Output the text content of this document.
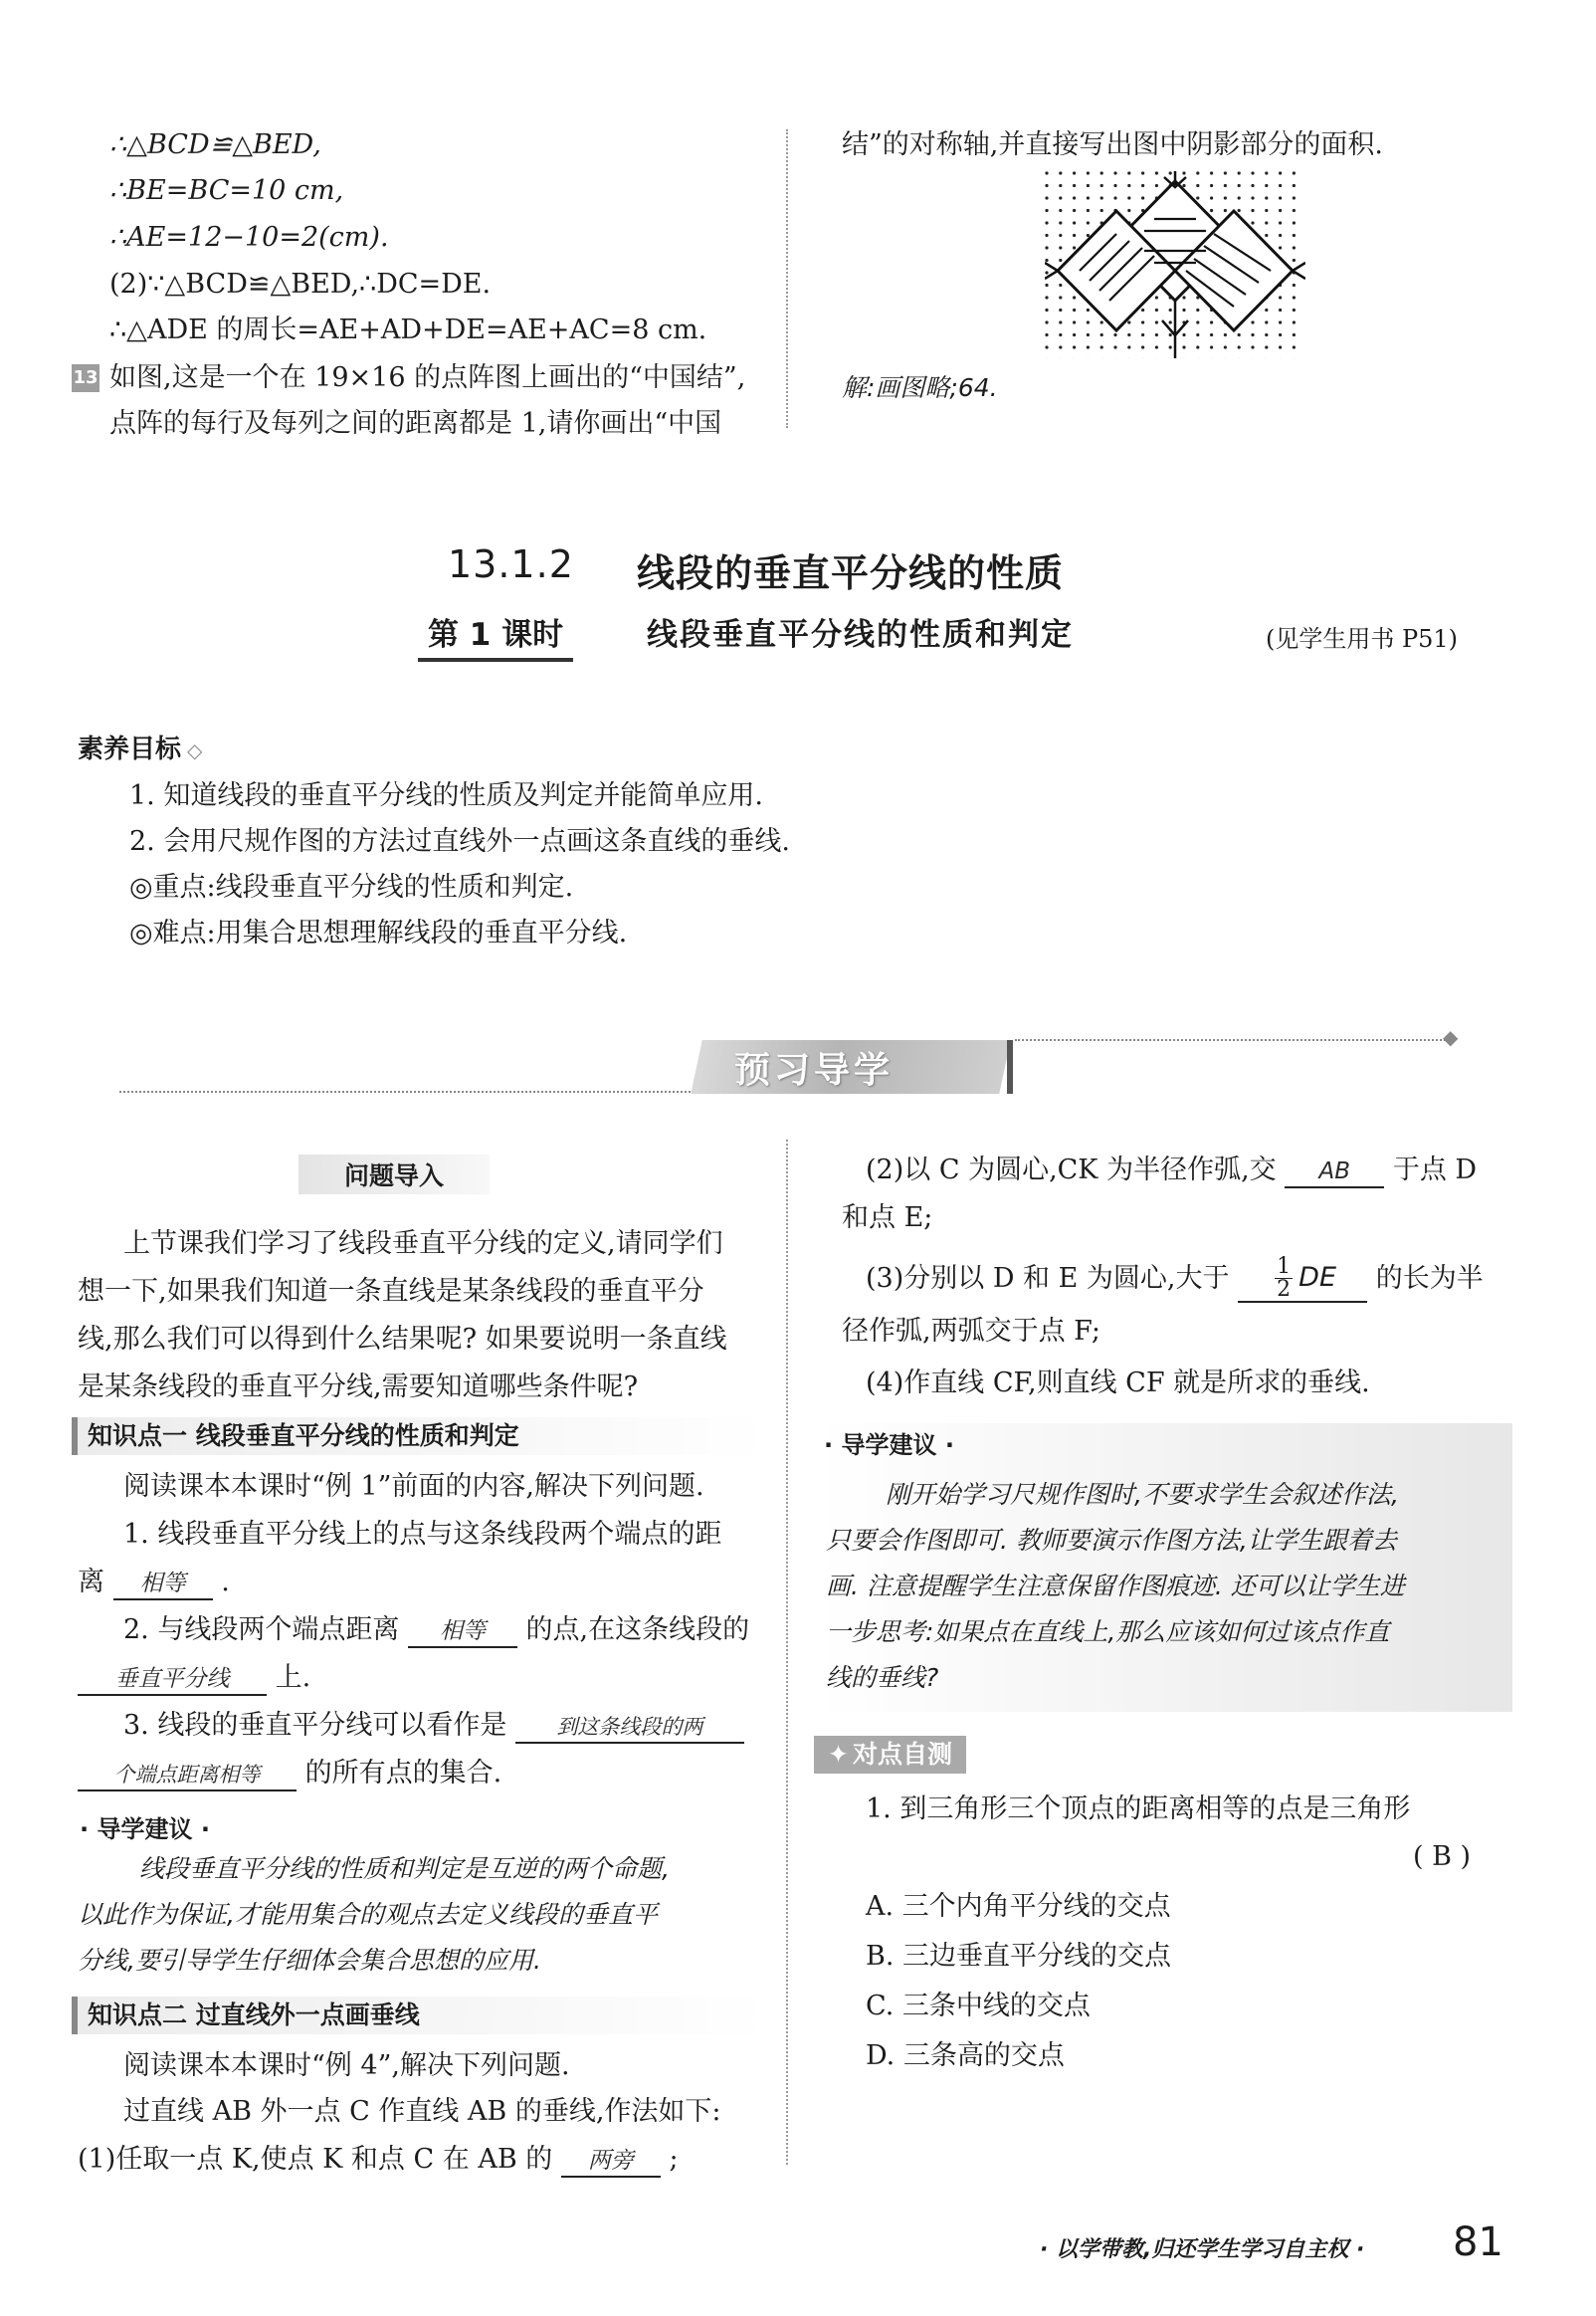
∴△BCD≌△BED,
∴BE=BC=10 cm,
∴AE=12−10=2(cm).
(2)∵△BCD≌△BED,∴DC=DE.
∴△ADE 的周长=AE+AD+DE=AE+AC=8 cm.
13 如图,这是一个在 19×16 的点阵图上画出的“中国结”,
点阵的每行及每列之间的距离都是 1,请你画出“中国
结”的对称轴,并直接写出图中阴影部分的面积.
解:画图略;64.
13.1.2 线段的垂直平分线的性质
第 1 课时	线段垂直平分线的性质和判定	(见学生用书 P51)
素养目标 ◇
1. 知道线段的垂直平分线的性质及判定并能简单应用.
2. 会用尺规作图的方法过直线外一点画这条直线的垂线.
◎重点:线段垂直平分线的性质和判定.
◎难点:用集合思想理解线段的垂直平分线.
预习导学
◆
问题导入
上节课我们学习了线段垂直平分线的定义,请同学们
想一下,如果我们知道一条直线是某条线段的垂直平分
线,那么我们可以得到什么结果呢? 如果要说明一条直线
是某条线段的垂直平分线,需要知道哪些条件呢?
知识点一 线段垂直平分线的性质和判定
阅读课本本课时“例 1”前面的内容,解决下列问题.
1. 线段垂直平分线上的点与这条线段两个端点的距
离 相等 .
2. 与线段两个端点距离 相等 的点,在这条线段的
垂直平分线 上.
3. 线段的垂直平分线可以看作是 到这条线段的两
个端点距离相等 的所有点的集合.
· 导学建议 ·
线段垂直平分线的性质和判定是互逆的两个命题,
以此作为保证,才能用集合的观点去定义线段的垂直平
分线,要引导学生仔细体会集合思想的应用.
知识点二 过直线外一点画垂线
阅读课本本课时“例 4”,解决下列问题.
过直线 AB 外一点 C 作直线 AB 的垂线,作法如下:
(1)任取一点 K,使点 K 和点 C 在 AB 的 两旁 ;
(2)以 C 为圆心,CK 为半径作弧,交 AB 于点 D
和点 E;
(3)分别以 D 和 E 为圆心,大于 $\frac{1}{2}$ DE 的长为半
径作弧,两弧交于点 F;
(4)作直线 CF,则直线 CF 就是所求的垂线.
· 导学建议 ·
刚开始学习尺规作图时,不要求学生会叙述作法,
只要会作图即可. 教师要演示作图方法,让学生跟着去
画. 注意提醒学生注意保留作图痕迹. 还可以让学生进
一步思考:如果点在直线上,那么应该如何过该点作直
线的垂线?
✦ 对点自测
1. 到三角形三个顶点的距离相等的点是三角形
( B )
A. 三个内角平分线的交点
B. 三边垂直平分线的交点
C. 三条中线的交点
D. 三条高的交点
· 以学带教,归还学生学习自主权 · 81
